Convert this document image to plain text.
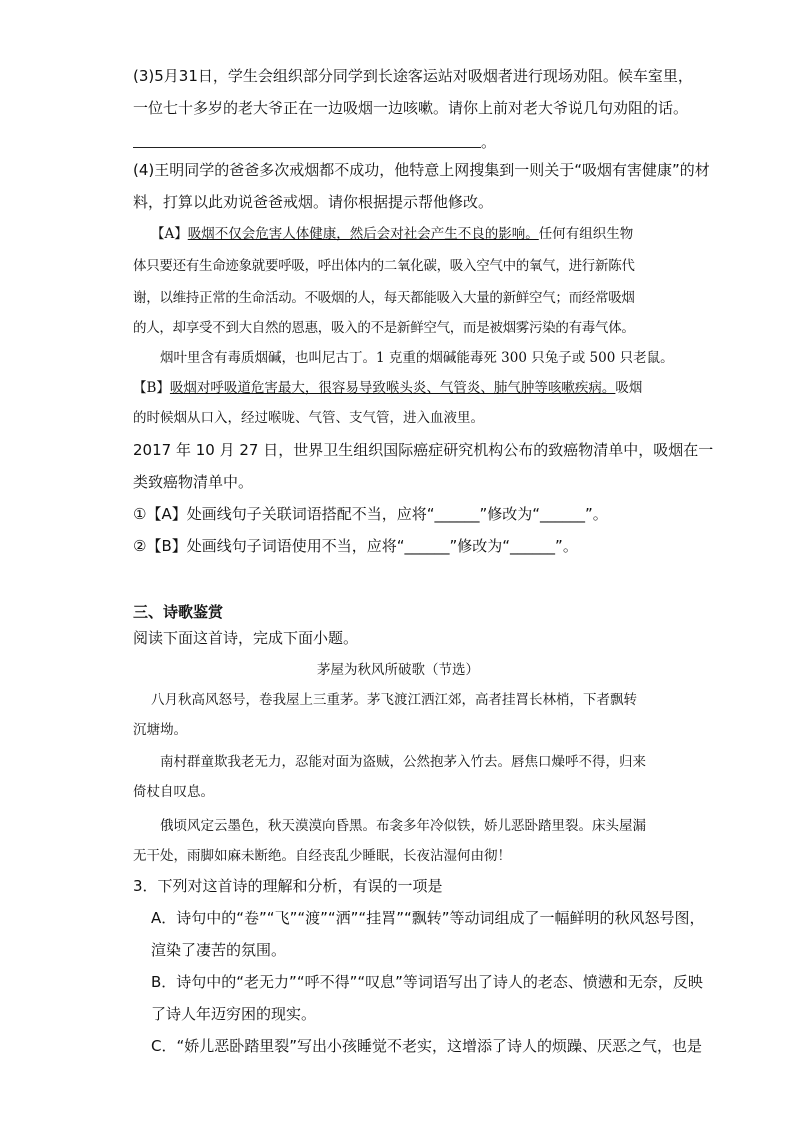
(3)5月31日，学生会组织部分同学到长途客运站对吸烟者进行现场劝阻。候车室里，
一位七十多岁的老大爷正在一边吸烟一边咳嗽。请你上前对老大爷说几句劝阻的话。
。
(4)王明同学的爸爸多次戒烟都不成功，他特意上网搜集到一则关于“吸烟有害健康”的材
料，打算以此劝说爸爸戒烟。请你根据提示帮他修改。
【A】吸烟不仅会危害人体健康，然后会对社会产生不良的影响。任何有组织生物
体只要还有生命迹象就要呼吸，呼出体内的二氧化碳，吸入空气中的氧气，进行新陈代
谢，以维持正常的生命活动。不吸烟的人，每天都能吸入大量的新鲜空气；而经常吸烟
的人，却享受不到大自然的恩惠，吸入的不是新鲜空气，而是被烟雾污染的有毒气体。
烟叶里含有毒质烟碱，也叫尼古丁。1 克重的烟碱能毒死 300 只兔子或 500 只老鼠。
【B】吸烟对呼吸道危害最大，很容易导致喉头炎、气管炎、肺气肿等咳嗽疾病。吸烟
的时候烟从口入，经过喉咙、气管、支气管，进入血液里。
2017 年 10 月 27 日，世界卫生组织国际癌症研究机构公布的致癌物清单中，吸烟在一
类致癌物清单中。
①【A】处画线句子关联词语搭配不当，应将“______”修改为“______”。
②【B】处画线句子词语使用不当，应将“______”修改为“______”。
三、诗歌鉴赏
阅读下面这首诗，完成下面小题。
茅屋为秋风所破歌（节选）
八月秋高风怒号，卷我屋上三重茅。茅飞渡江洒江郊，高者挂罥长林梢，下者飘转
沉塘坳。
南村群童欺我老无力，忍能对面为盗贼，公然抱茅入竹去。唇焦口燥呼不得，归来
倚杖自叹息。
俄顷风定云墨色，秋天漠漠向昏黑。布衾多年冷似铁，娇儿恶卧踏里裂。床头屋漏
无干处，雨脚如麻未断绝。自经丧乱少睡眠，长夜沾湿何由彻！
3．下列对这首诗的理解和分析，有误的一项是
A．诗句中的“卷”“飞”“渡”“洒”“挂罥”“飘转”等动词组成了一幅鲜明的秋风怒号图，
渲染了凄苦的氛围。
B．诗句中的“老无力”“呼不得”“叹息”等词语写出了诗人的老态、愤懑和无奈，反映
了诗人年迈穷困的现实。
C．“娇儿恶卧踏里裂”写出小孩睡觉不老实，这增添了诗人的烦躁、厌恶之气，也是
